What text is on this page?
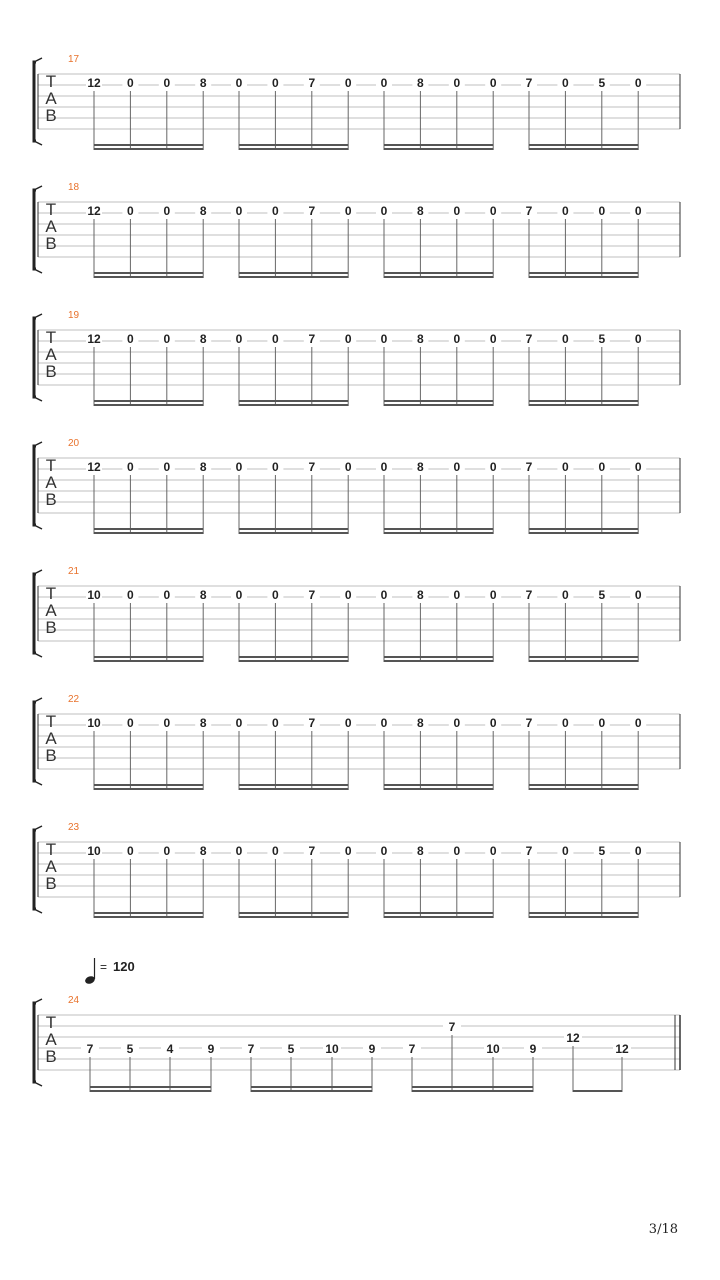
17
T
A
B
12 0 0 8 0 0 7 0 0 8 0 0 7 0 5 0
18
T
A
B
12 0 0 8 0 0 7 0 0 8 0 0 7 0 0 0
19
T
A
B
12 0 0 8 0 0 7 0 0 8 0 0 7 0 5 0
20
T
A
B
12 0 0 8 0 0 7 0 0 8 0 0 7 0 0 0
21
T
A
B
10 0 0 8 0 0 7 0 0 8 0 0 7 0 5 0
22
T
A
B
10 0 0 8 0 0 7 0 0 8 0 0 7 0 0 0
23
T
A
B
10 0 0 8 0 0 7 0 0 8 0 0 7 0 5 0
24
T
A
B 7	5	4	9	7	5	10 9	7
7
10 9
12
12
= 120
3/18
